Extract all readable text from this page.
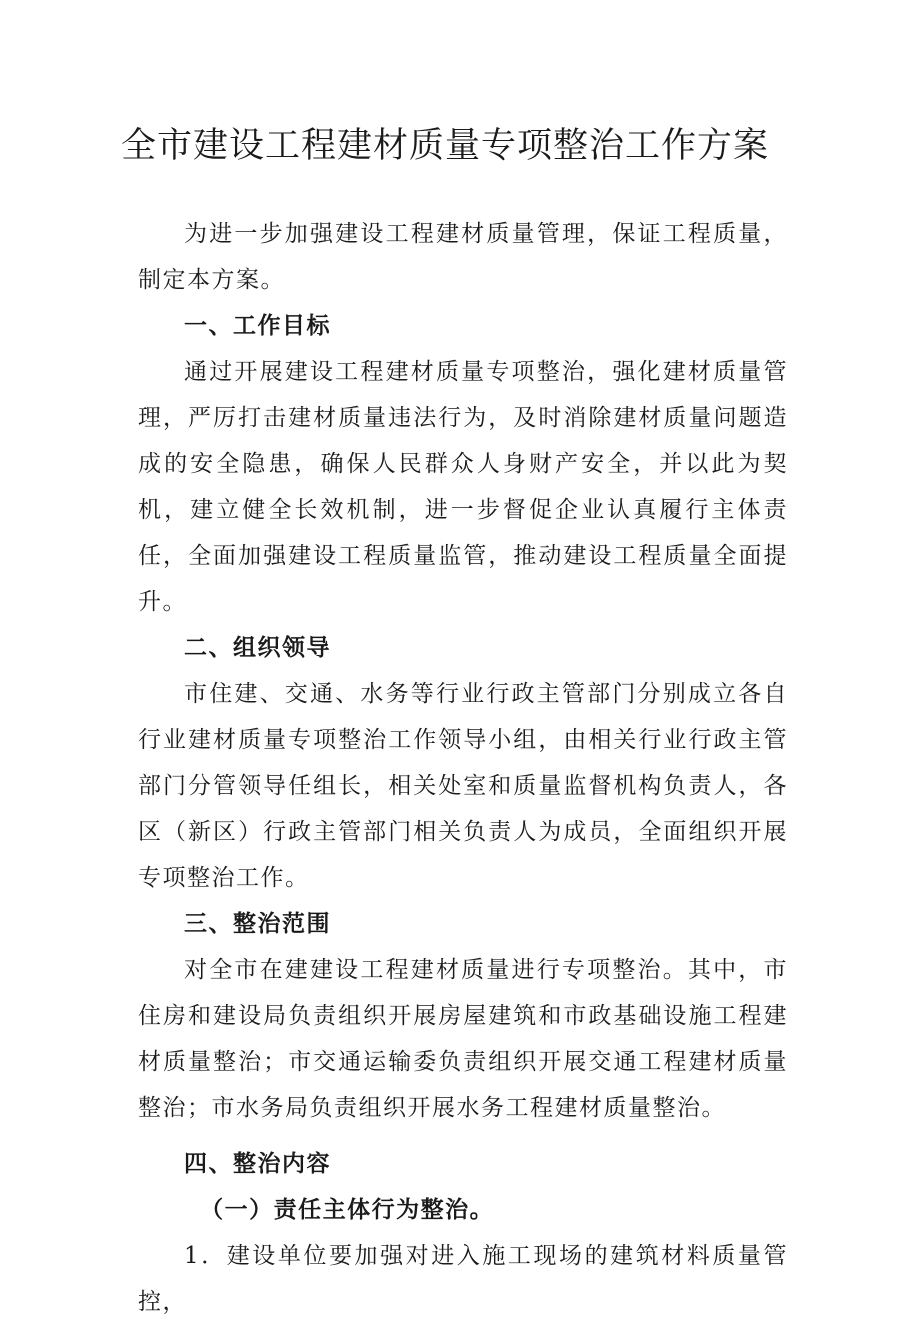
全市建设工程建材质量专项整治工作方案

为进一步加强建设工程建材质量管理，保证工程质量，制定本方案。

一、工作目标

通过开展建设工程建材质量专项整治，强化建材质量管理，严厉打击建材质量违法行为，及时消除建材质量问题造成的安全隐患，确保人民群众人身财产安全，并以此为契机，建立健全长效机制，进一步督促企业认真履行主体责任，全面加强建设工程质量监管，推动建设工程质量全面提升。

二、组织领导

市住建、交通、水务等行业行政主管部门分别成立各自行业建材质量专项整治工作领导小组，由相关行业行政主管部门分管领导任组长，相关处室和质量监督机构负责人，各区（新区）行政主管部门相关负责人为成员，全面组织开展专项整治工作。

三、整治范围

对全市在建建设工程建材质量进行专项整治。其中，市住房和建设局负责组织开展房屋建筑和市政基础设施工程建材质量整治；市交通运输委负责组织开展交通工程建材质量整治；市水务局负责组织开展水务工程建材质量整治。

四、整治内容
（一）责任主体行为整治。

1．建设单位要加强对进入施工现场的建筑材料质量管控，
